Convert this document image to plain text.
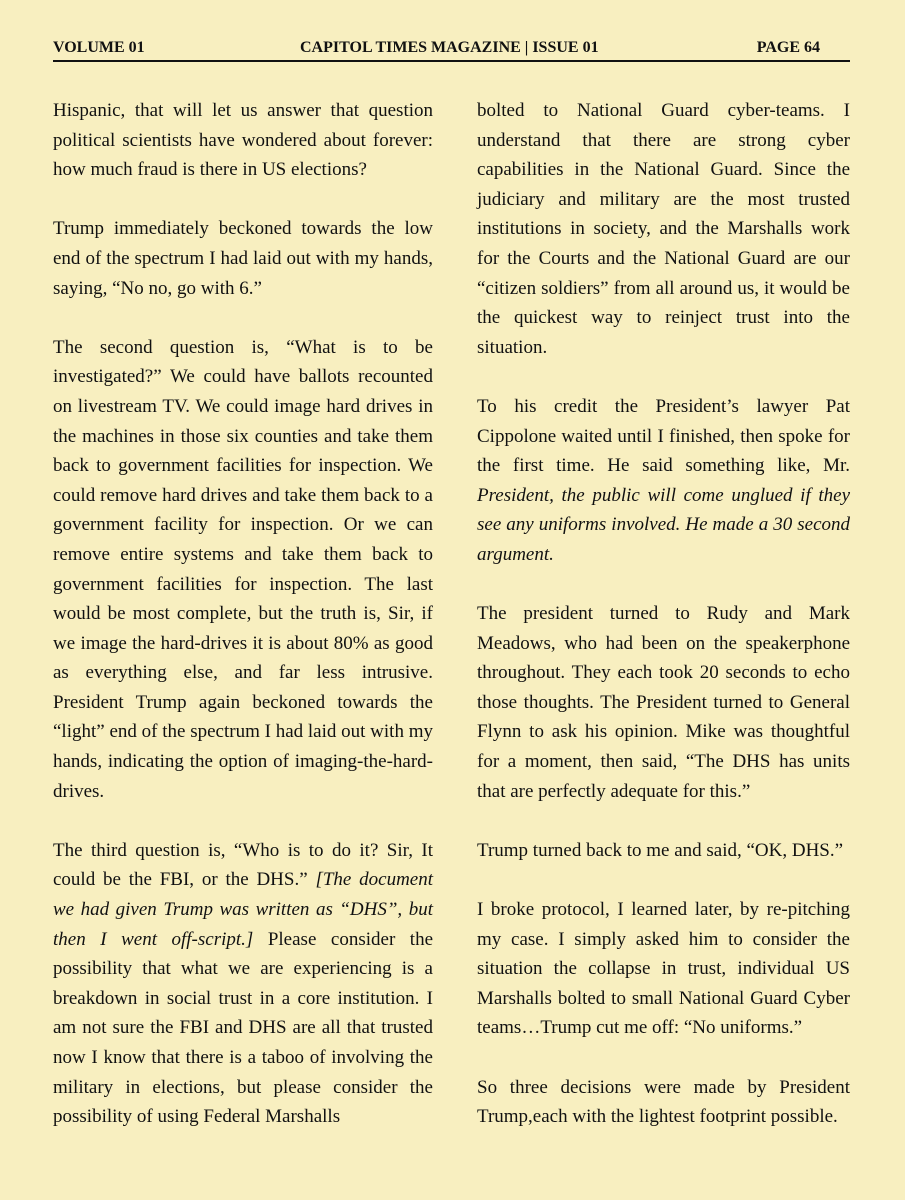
VOLUME 01	CAPITOL TIMES MAGAZINE | ISSUE 01	PAGE 64

Hispanic, that will let us answer that question political scientists have wondered about forever: how much fraud is there in US elections?

Trump immediately beckoned towards the low end of the spectrum I had laid out with my hands, saying, “No no, go with 6.”

The second question is, “What is to be investigated?” We could have ballots recounted on livestream TV. We could image hard drives in the machines in those six counties and take them back to government facilities for inspection. We could remove hard drives and take them back to a government facility for inspection. Or we can remove entire systems and take them back to government facilities for inspection. The last would be most complete, but the truth is, Sir, if we image the hard-drives it is about 80% as good as everything else, and far less intrusive. President Trump again beckoned towards the “light” end of the spectrum I had laid out with my hands, indicating the option of imaging-the-hard- drives.

The third question is, “Who is to do it? Sir, It could be the FBI, or the DHS.” [The document we had given Trump was written as “DHS”, but then I went off-script.] Please consider the possibility that what we are experiencing is a breakdown in social trust in a core institution. I am not sure the FBI and DHS are all that trusted now I know that there is a taboo of involving the military in elections, but please consider the possibility of using Federal Marshalls

bolted to National Guard cyber-teams. I understand that there are strong cyber capabilities in the National Guard. Since the judiciary and military are the most trusted institutions in society, and the Marshalls work for the Courts and the National Guard are our “citizen soldiers” from all around us, it would be the quickest way to reinject trust into the situation.

To his credit the President’s lawyer Pat Cippolone waited until I finished, then spoke for the first time. He said something like, Mr. President, the public will come unglued if they see any uniforms involved. He made a 30 second argument.

The president turned to Rudy and Mark Meadows, who had been on the speakerphone throughout. They each took 20 seconds to echo those thoughts. The President turned to General Flynn to ask his opinion. Mike was thoughtful for a moment, then said, “The DHS has units that are perfectly adequate for this.”

Trump turned back to me and said, “OK, DHS.”

I broke protocol, I learned later, by re-pitching my case. I simply asked him to consider the situation the collapse in trust, individual US Marshalls bolted to small National Guard Cyber teams…Trump cut me off: “No uniforms.”

So three decisions were made by President Trump,each with the lightest footprint possible.
